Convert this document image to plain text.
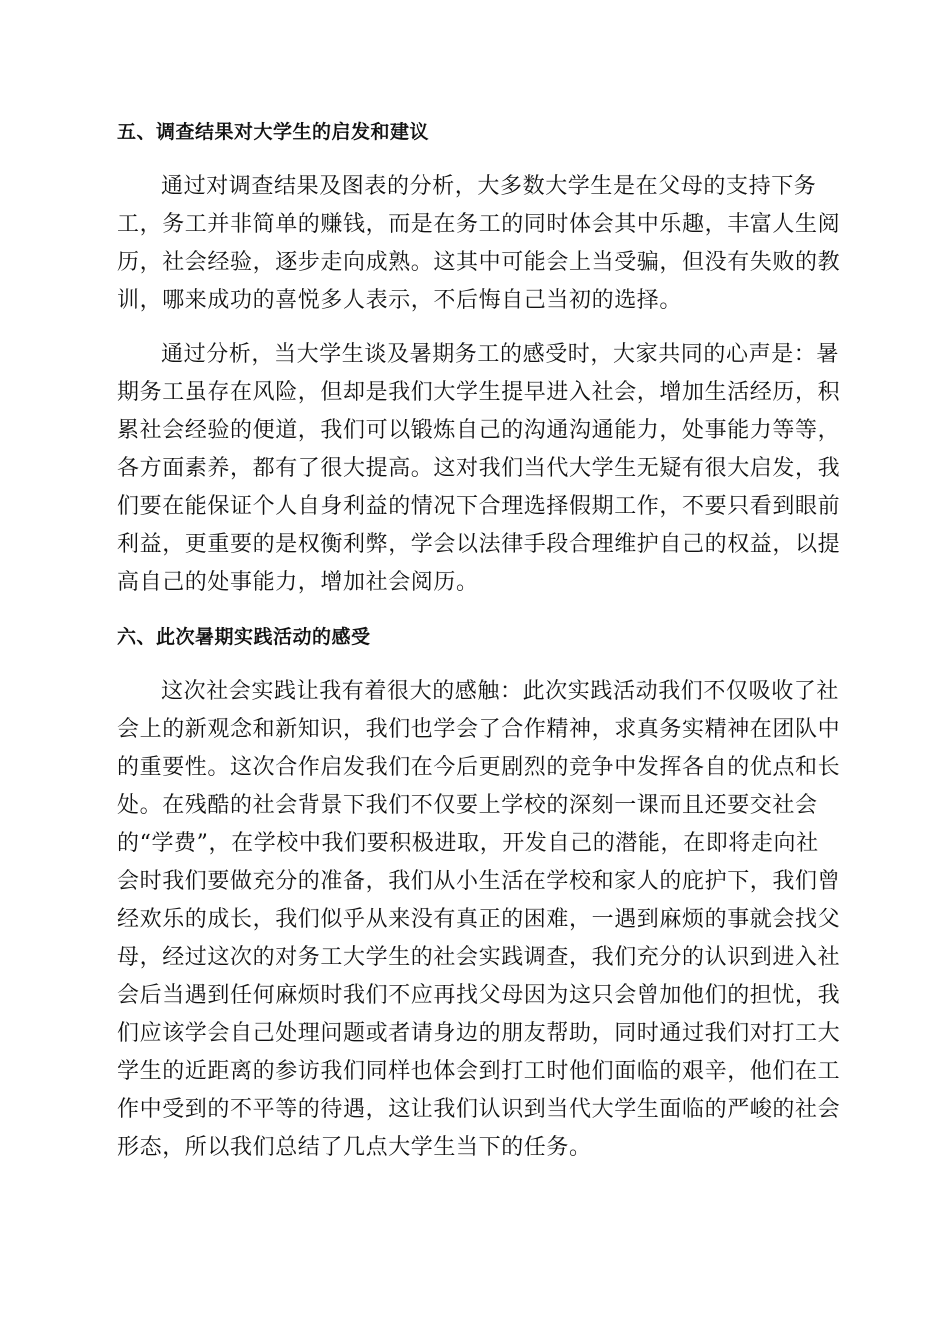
五、调查结果对大学生的启发和建议
通过对调查结果及图表的分析，大多数大学生是在父母的支持下务
工，务工并非简单的赚钱，而是在务工的同时体会其中乐趣，丰富人生阅
历，社会经验，逐步走向成熟。这其中可能会上当受骗，但没有失败的教
训，哪来成功的喜悦多人表示，不后悔自己当初的选择。
通过分析，当大学生谈及暑期务工的感受时，大家共同的心声是：暑
期务工虽存在风险，但却是我们大学生提早进入社会，增加生活经历，积
累社会经验的便道，我们可以锻炼自己的沟通沟通能力，处事能力等等，
各方面素养，都有了很大提高。这对我们当代大学生无疑有很大启发，我
们要在能保证个人自身利益的情况下合理选择假期工作，不要只看到眼前
利益，更重要的是权衡利弊，学会以法律手段合理维护自己的权益，以提
高自己的处事能力，增加社会阅历。
六、此次暑期实践活动的感受
这次社会实践让我有着很大的感触：此次实践活动我们不仅吸收了社
会上的新观念和新知识，我们也学会了合作精神，求真务实精神在团队中
的重要性。这次合作启发我们在今后更剧烈的竞争中发挥各自的优点和长
处。在残酷的社会背景下我们不仅要上学校的深刻一课而且还要交社会
的“学费”，在学校中我们要积极进取，开发自己的潜能，在即将走向社
会时我们要做充分的准备，我们从小生活在学校和家人的庇护下，我们曾
经欢乐的成长，我们似乎从来没有真正的困难，一遇到麻烦的事就会找父
母，经过这次的对务工大学生的社会实践调查，我们充分的认识到进入社
会后当遇到任何麻烦时我们不应再找父母因为这只会曾加他们的担忧，我
们应该学会自己处理问题或者请身边的朋友帮助，同时通过我们对打工大
学生的近距离的参访我们同样也体会到打工时他们面临的艰辛，他们在工
作中受到的不平等的待遇，这让我们认识到当代大学生面临的严峻的社会
形态，所以我们总结了几点大学生当下的任务。
